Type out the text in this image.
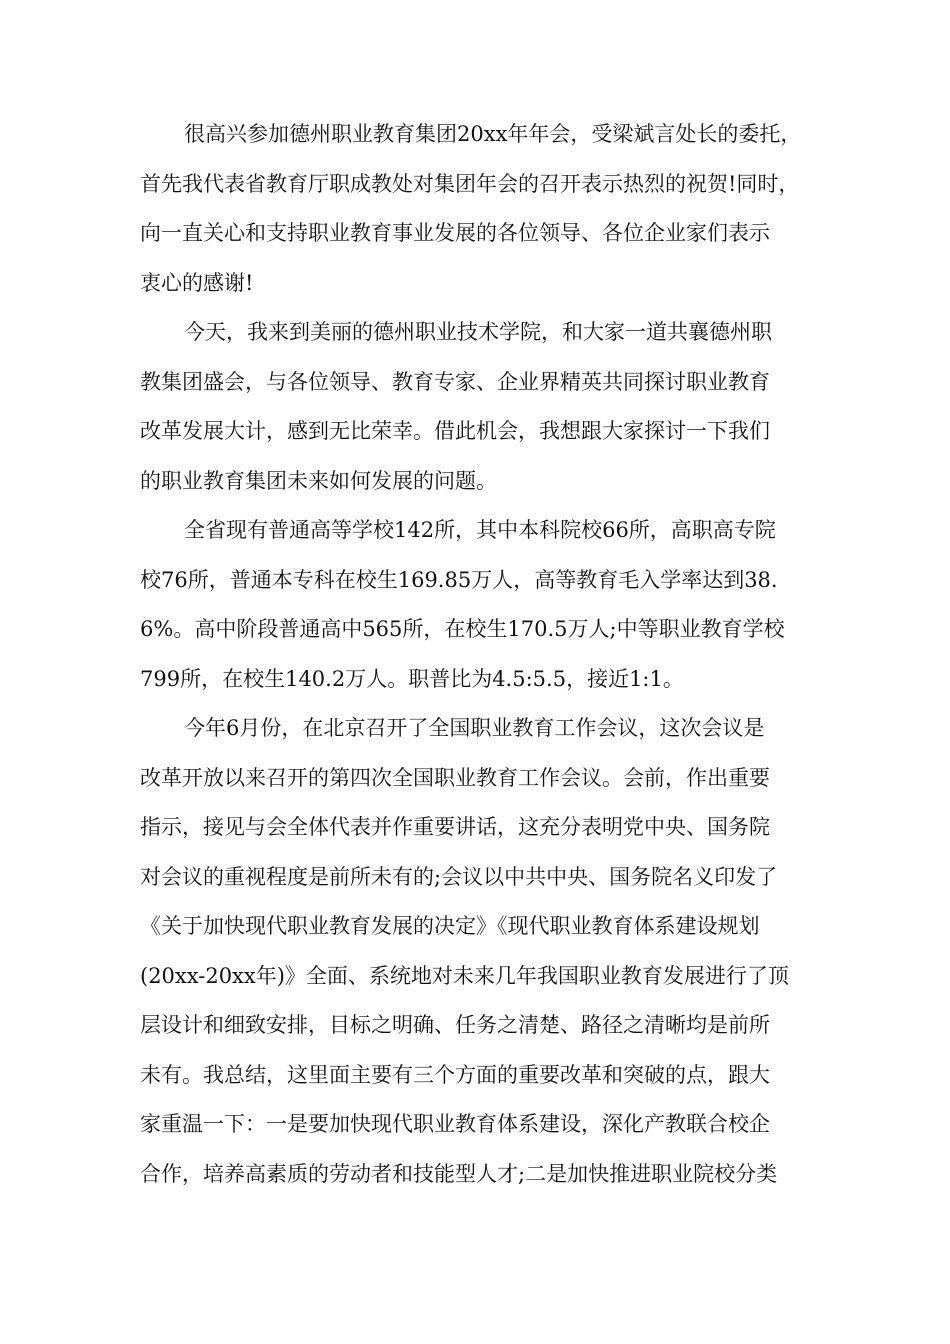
很高兴参加德州职业教育集团20xx年年会，受梁斌言处长的委托，
首先我代表省教育厅职成教处对集团年会的召开表示热烈的祝贺!同时，
向一直关心和支持职业教育事业发展的各位领导、各位企业家们表示
衷心的感谢!
今天，我来到美丽的德州职业技术学院，和大家一道共襄德州职
教集团盛会，与各位领导、教育专家、企业界精英共同探讨职业教育
改革发展大计，感到无比荣幸。借此机会，我想跟大家探讨一下我们
的职业教育集团未来如何发展的问题。
全省现有普通高等学校142所，其中本科院校66所，高职高专院
校76所，普通本专科在校生169.85万人，高等教育毛入学率达到38.
6%。高中阶段普通高中565所，在校生170.5万人;中等职业教育学校
799所，在校生140.2万人。职普比为4.5:5.5，接近1:1。
今年6月份，在北京召开了全国职业教育工作会议，这次会议是
改革开放以来召开的第四次全国职业教育工作会议。会前，作出重要
指示，接见与会全体代表并作重要讲话，这充分表明党中央、国务院
对会议的重视程度是前所未有的;会议以中共中央、国务院名义印发了
《关于加快现代职业教育发展的决定》《现代职业教育体系建设规划
(20xx-20xx年)》全面、系统地对未来几年我国职业教育发展进行了顶
层设计和细致安排，目标之明确、任务之清楚、路径之清晰均是前所
未有。我总结，这里面主要有三个方面的重要改革和突破的点，跟大
家重温一下：一是要加快现代职业教育体系建设，深化产教联合校企
合作，培养高素质的劳动者和技能型人才;二是加快推进职业院校分类
